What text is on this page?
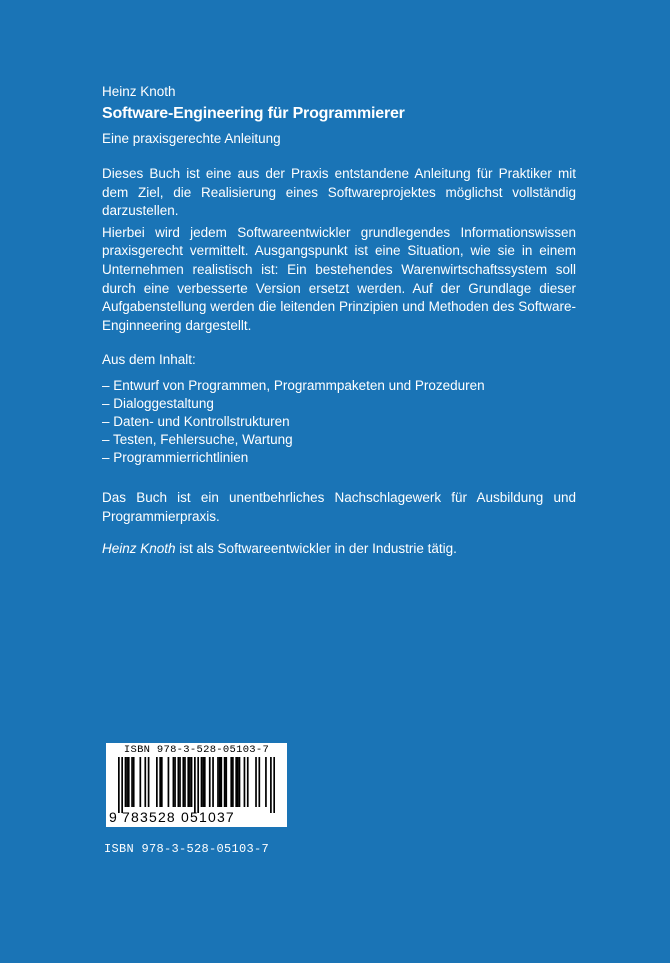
Heinz Knoth

Software-Engineering für Programmierer

Eine praxisgerechte Anleitung

Dieses Buch ist eine aus der Praxis entstandene Anleitung für Praktiker mit dem Ziel, die Realisierung eines Softwareprojektes möglichst vollständig darzustellen.

Hierbei wird jedem Softwareentwickler grundlegendes Informationswissen praxisgerecht vermittelt. Ausgangspunkt ist eine Situation, wie sie in einem Unternehmen realistisch ist: Ein bestehendes Warenwirtschaftssystem soll durch eine verbesserte Version ersetzt werden. Auf der Grundlage dieser Aufgabenstellung werden die leitenden Prinzipien und Methoden des Software-Enginneering dargestellt.

Aus dem Inhalt:

– Entwurf von Programmen, Programmpaketen und Prozeduren
– Dialoggestaltung
– Daten- und Kontrollstrukturen
– Testen, Fehlersuche, Wartung
– Programmierrichtlinien

Das Buch ist ein unentbehrliches Nachschlagewerk für Ausbildung und Programmierpraxis.

Heinz Knoth ist als Softwareentwickler in der Industrie tätig.

ISBN 978-3-528-05103-7
9 783528 051037
ISBN 978-3-528-05103-7
